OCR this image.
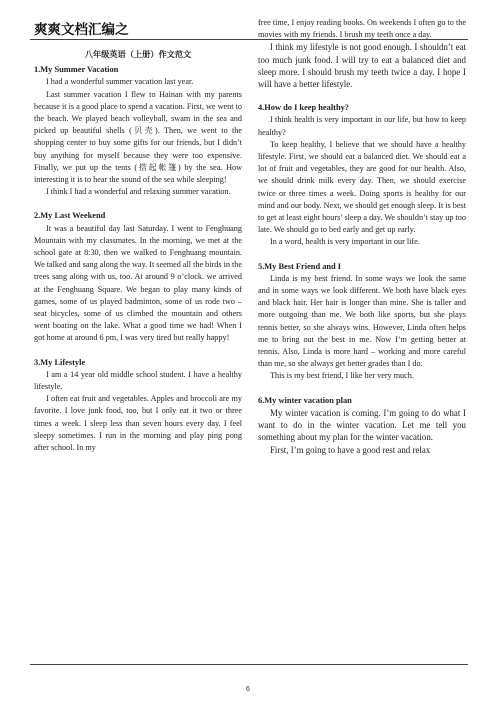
爽爽文档汇编之

八年级英语（上册）作文范文

1.My Summer Vacation

I had a wonderful summer vacation last year.

Last summer vacation I flew to Hainan with my parents because it is a good place to spend a vacation. First, we went to the beach. We played beach volleyball, swam in the sea and picked up beautiful shells (贝壳). Then, we went to the shopping center to buy some gifts for our friends, but I didn’t buy anything for myself because they were too expensive. Finally, we put up the tents (搭起帐篷) by the sea. How interesting it is to hear the sound of the sea while sleeping!

I think I had a wonderful and relaxing summer vacation.

2.My Last Weekend

It was a beautiful day last Saturday. I went to Fenghuang Mountain with my classmates. In the morning, we met at the school gate at 8:30, then we walked to Fenghuang mountain. We talked and sang along the way. It seemed all the birds in the trees sang along with us, too. At around 9 o’clock. we arrived at the Fenghuang Square. We began to play many kinds of games, some of us played badminton, some of us rode two – seat bicycles, some of us climbed the mountain and others went boating on the lake. What a good time we had! When I got home at around 6 pm, I was very tired but really happy!

3.My Lifestyle

I am a 14 year old middle school student. I have a healthy lifestyle.

I often eat fruit and vegetables. Apples and broccoli are my favorite. I love junk food, too, but I only eat it two or three times a week. I sleep less than seven hours every day. I feel sleepy sometimes. I run in the morning and play ping pong after school. In my

free time, I enjoy reading books. On weekends I often go to the movies with my friends. I brush my teeth once a day.

I think my lifestyle is not good enough. I shouldn’t eat too much junk food. I will try to eat a balanced diet and sleep more. I should brush my teeth twice a day. I hope I will have a better lifestyle.

4.How do I keep healthy?

I think health is very important in our life, but how to keep healthy?

To keep healthy, I believe that we should have a healthy lifestyle. First, we should eat a balanced diet. We should eat a lot of fruit and vegetables, they are good for our health. Also, we should drink milk every day. Then, we should exercise twice or three times a week. Doing sports is healthy for our mind and our body. Next, we should get enough sleep. It is best to get at least eight hours’ sleep a day. We shouldn’t stay up too late. We should go to bed early and get up early.

In a word, health is very important in our life.

5.My Best Friend and I

Linda is my best friend. In some ways we look the same and in some ways we look different. We both have black eyes and black hair. Her hair is longer than mine. She is taller and more outgoing than me. We both like sports, but she plays tennis better, so she always wins. However, Linda often helps me to bring out the best in me. Now I’m getting better at tennis. Also, Linda is more hard – working and more careful than me, so she always get better grades than I do.

This is my best friend, I like her very much.

6.My winter vacation plan

My winter vacation is coming. I’m going to do what I want to do in the winter vacation. Let me tell you something about my plan for the winter vacation.

First, I’m going to have a good rest and relax

6
